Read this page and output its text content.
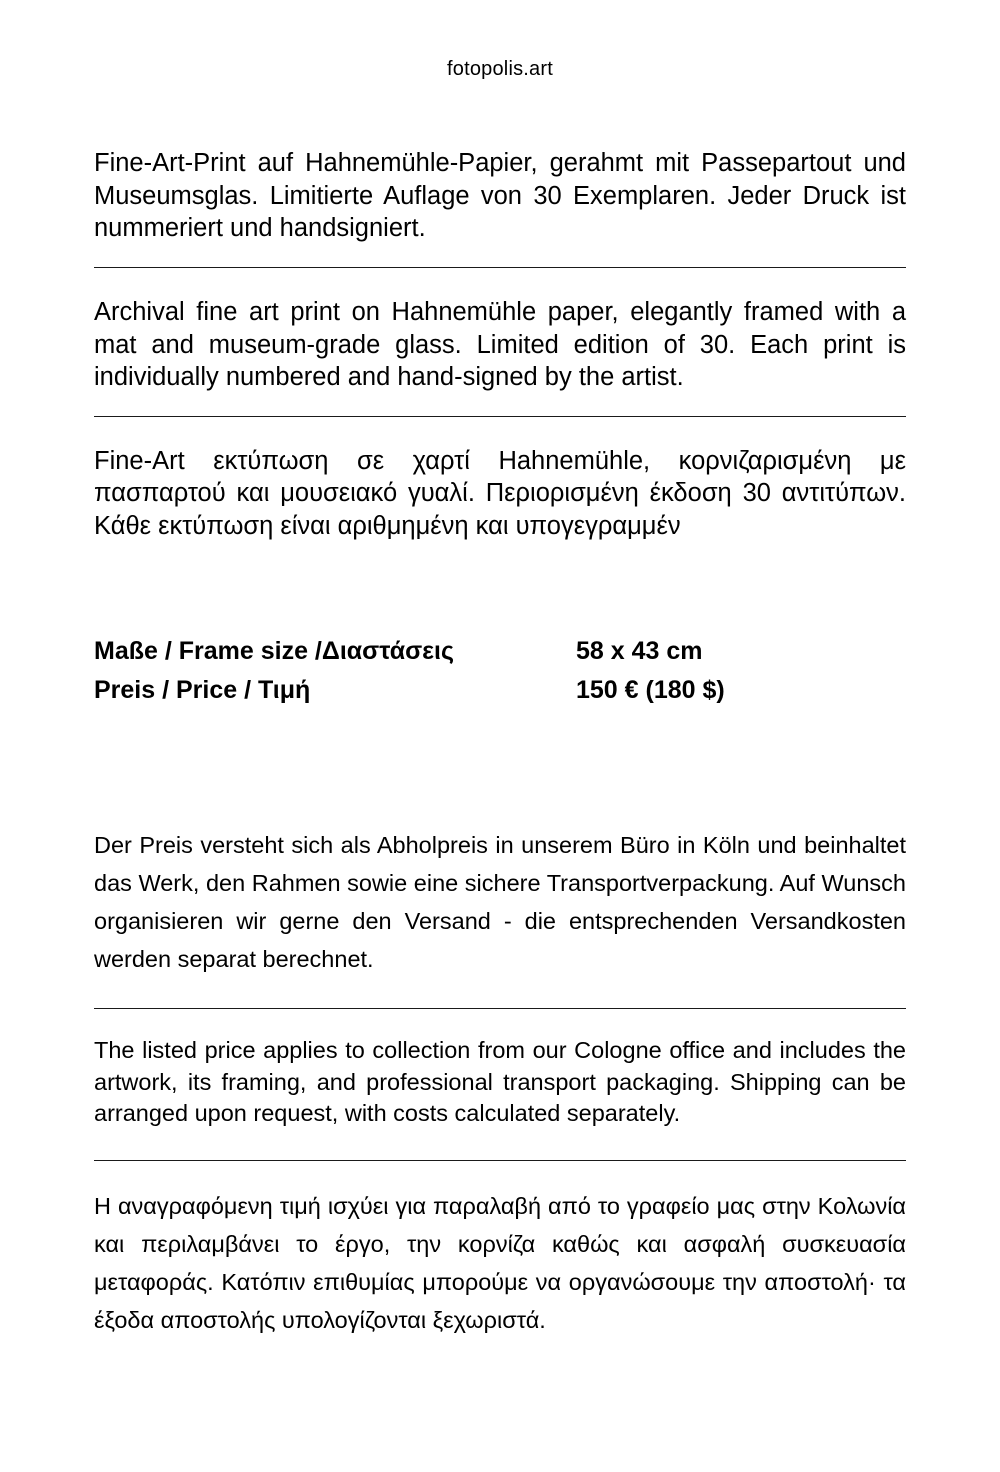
fotopolis.art

Fine-Art-Print auf Hahnemühle-Papier, gerahmt mit Passepartout und Museumsglas. Limitierte Auflage von 30 Exemplaren. Jeder Druck ist nummeriert und handsigniert.

Archival fine art print on Hahnemühle paper, elegantly framed with a mat and museum-grade glass. Limited edition of 30. Each print is individually numbered and hand-signed by the artist.

Fine-Art εκτύπωση σε χαρτί Hahnemühle, κορνιζαρισμένη με πασπαρτού και μουσειακό γυαλί. Περιορισμένη έκδοση 30 αντιτύπων. Κάθε εκτύπωση είναι αριθμημένη και υπογεγραμμέν

Maße / Frame size /Διαστάσεις	58 x 43 cm
Preis / Price / Τιμή	150 € (180 $)

Der Preis versteht sich als Abholpreis in unserem Büro in Köln und beinhaltet das Werk, den Rahmen sowie eine sichere Transportverpackung. Auf Wunsch organisieren wir gerne den Versand - die entsprechenden Versandkosten werden separat berechnet.

The listed price applies to collection from our Cologne office and includes the artwork, its framing, and professional transport packaging. Shipping can be arranged upon request, with costs calculated separately.

Η αναγραφόμενη τιμή ισχύει για παραλαβή από το γραφείο μας στην Κολωνία και περιλαμβάνει το έργο, την κορνίζα καθώς και ασφαλή συσκευασία μεταφοράς. Κατόπιν επιθυμίας μπορούμε να οργανώσουμε την αποστολή· τα έξοδα αποστολής υπολογίζονται ξεχωριστά.
